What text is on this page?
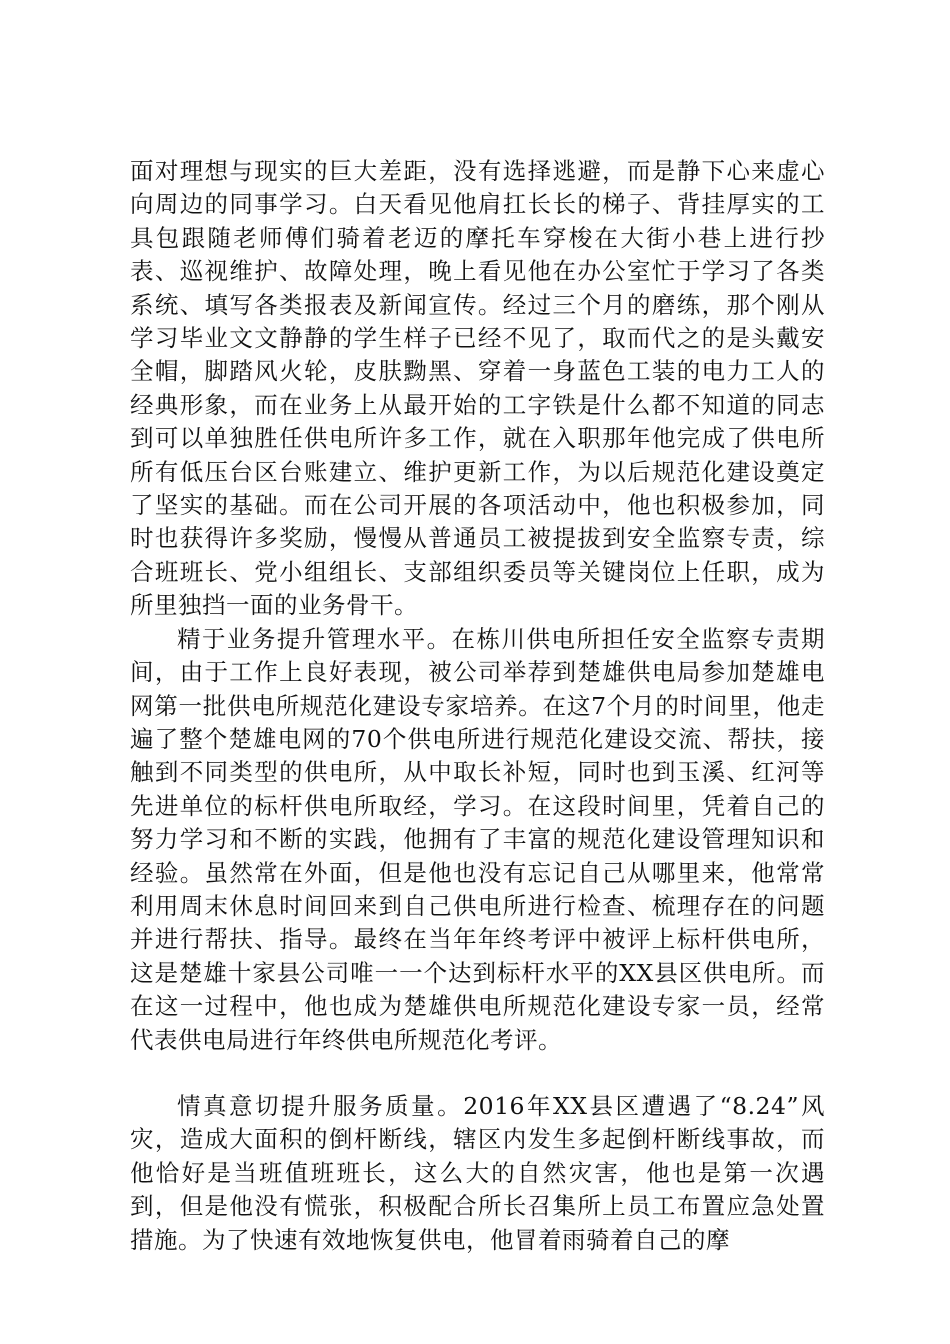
面对理想与现实的巨大差距，没有选择逃避，而是静下心来虚心向周边的同事学习。白天看见他肩扛长长的梯子、背挂厚实的工具包跟随老师傅们骑着老迈的摩托车穿梭在大街小巷上进行抄表、巡视维护、故障处理，晚上看见他在办公室忙于学习了各类系统、填写各类报表及新闻宣传。经过三个月的磨练，那个刚从学习毕业文文静静的学生样子已经不见了，取而代之的是头戴安全帽，脚踏风火轮，皮肤黝黑、穿着一身蓝色工装的电力工人的经典形象，而在业务上从最开始的工字铁是什么都不知道的同志到可以单独胜任供电所许多工作，就在入职那年他完成了供电所所有低压台区台账建立、维护更新工作，为以后规范化建设奠定了坚实的基础。而在公司开展的各项活动中，他也积极参加，同时也获得许多奖励，慢慢从普通员工被提拔到安全监察专责，综合班班长、党小组组长、支部组织委员等关键岗位上任职，成为所里独挡一面的业务骨干。

精于业务提升管理水平。在栋川供电所担任安全监察专责期间，由于工作上良好表现，被公司举荐到楚雄供电局参加楚雄电网第一批供电所规范化建设专家培养。在这7个月的时间里，他走遍了整个楚雄电网的70个供电所进行规范化建设交流、帮扶，接触到不同类型的供电所，从中取长补短，同时也到玉溪、红河等先进单位的标杆供电所取经，学习。在这段时间里，凭着自己的努力学习和不断的实践，他拥有了丰富的规范化建设管理知识和经验。虽然常在外面，但是他也没有忘记自己从哪里来，他常常利用周末休息时间回来到自己供电所进行检查、梳理存在的问题并进行帮扶、指导。最终在当年年终考评中被评上标杆供电所，这是楚雄十家县公司唯一一个达到标杆水平的XX县区供电所。而在这一过程中，他也成为楚雄供电所规范化建设专家一员，经常代表供电局进行年终供电所规范化考评。

情真意切提升服务质量。2016年XX县区遭遇了“8.24”风灾，造成大面积的倒杆断线，辖区内发生多起倒杆断线事故，而他恰好是当班值班班长，这么大的自然灾害，他也是第一次遇到，但是他没有慌张，积极配合所长召集所上员工布置应急处置措施。为了快速有效地恢复供电，他冒着雨骑着自己的摩
